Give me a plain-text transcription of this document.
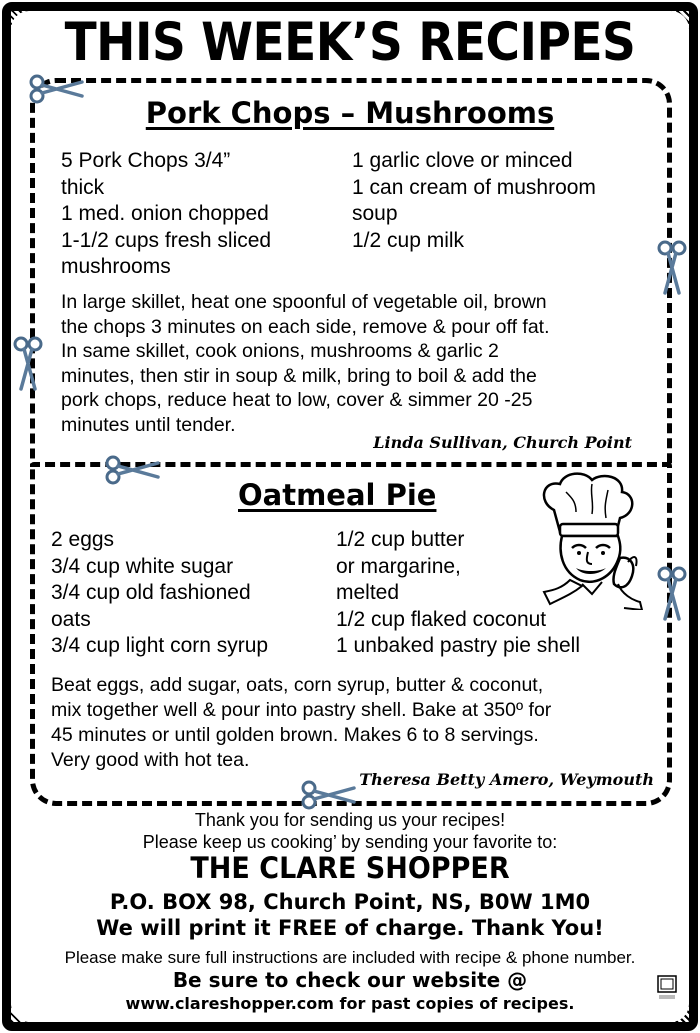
THIS WEEK’S RECIPES
Pork Chops – Mushrooms
5 Pork Chops 3/4”
thick
1 med. onion chopped
1-1/2 cups fresh sliced
mushrooms
1 garlic clove or minced
1 can cream of mushroom
soup
1/2 cup milk
In large skillet, heat one spoonful of vegetable oil, brown
the chops 3 minutes on each side, remove & pour off fat.
In same skillet, cook onions, mushrooms & garlic 2
minutes, then stir in soup & milk, bring to boil & add the
pork chops, reduce heat to low, cover & simmer 20 -25
minutes until tender.
Linda Sullivan, Church Point
Oatmeal Pie
2 eggs
3/4 cup white sugar
3/4 cup old fashioned
oats
3/4 cup light corn syrup
1/2 cup butter
or margarine,
melted
1/2 cup flaked coconut
1 unbaked pastry pie shell
Beat eggs, add sugar, oats, corn syrup, butter & coconut,
mix together well & pour into pastry shell. Bake at 350º for
45 minutes or until golden brown. Makes 6 to 8 servings.
Very good with hot tea.
Theresa Betty Amero, Weymouth
Thank you for sending us your recipes!
Please keep us cooking’ by sending your favorite to:
THE CLARE SHOPPER
P.O. BOX 98, Church Point, NS, B0W 1M0
We will print it FREE of charge. Thank You!
Please make sure full instructions are included with recipe & phone number.
Be sure to check our website @
www.clareshopper.com for past copies of recipes.
